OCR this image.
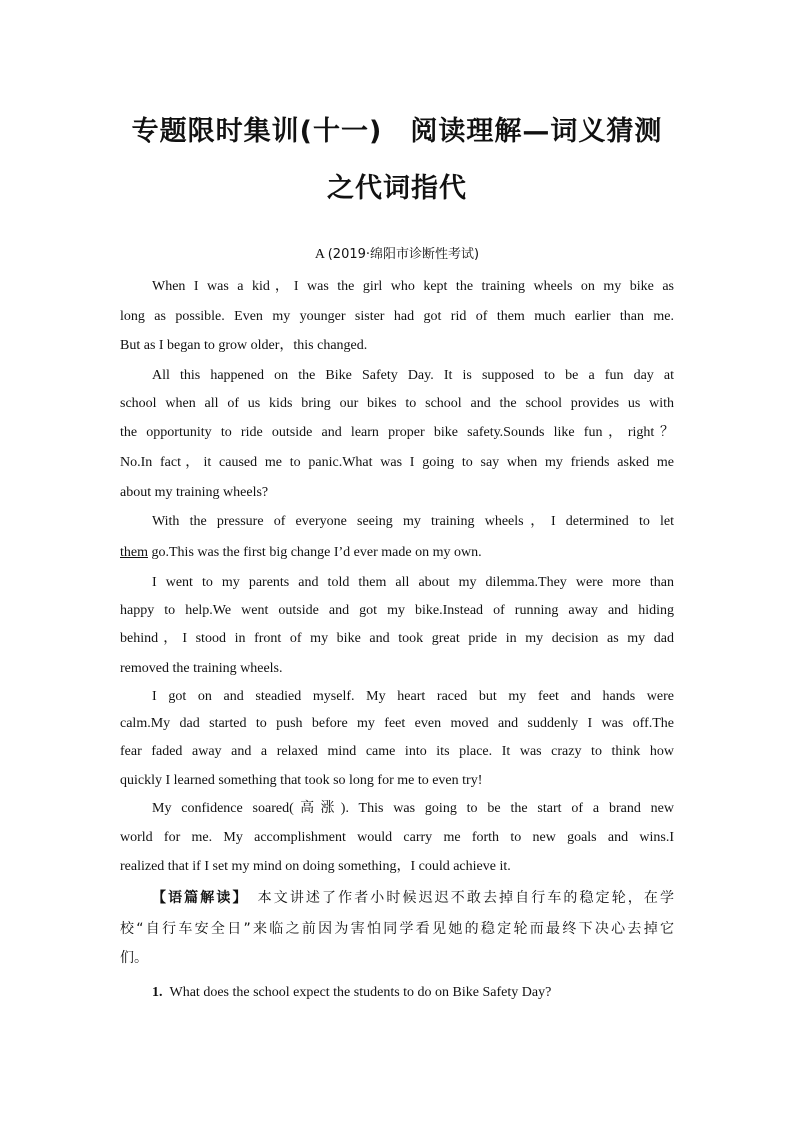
专题限时集训(十一)　阅读理解—词义猜测
之代词指代
A (2019·绵阳市诊断性考试)
When I was a kid，I was the girl who kept the training wheels on my bike as
long as possible. Even my younger sister had got rid of them much earlier than me.
But as I began to grow older，this changed.
All this happened on the Bike Safety Day. It is supposed to be a fun day at
school when all of us kids bring our bikes to school and the school provides us with
the opportunity to ride outside and learn proper bike safety.Sounds like fun，right？
No.In fact，it caused me to panic.What was I going to say when my friends asked me
about my training wheels?
With the pressure of everyone seeing my training wheels，I determined to let
them go.This was the first big change I’d ever made on my own.
I went to my parents and told them all about my dilemma.They were more than
happy to help.We went outside and got my bike.Instead of running away and hiding
behind，I stood in front of my bike and took great pride in my decision as my dad
removed the training wheels.
I got on and steadied myself. My heart raced but my feet and hands were
calm.My dad started to push before my feet even moved and suddenly I was off.The
fear faded away and a relaxed mind came into its place. It was crazy to think how
quickly I learned something that took so long for me to even try!
My confidence soared(高涨). This was going to be the start of a brand new
world for me. My accomplishment would carry me forth to new goals and wins.I
realized that if I set my mind on doing something，I could achieve it.
【语篇解读】　 本文讲述了作者小时候迟迟不敢去掉自行车的稳定轮，在学
校“自行车安全日”来临之前因为害怕同学看见她的稳定轮而最终下决心去掉它
们。
1. What does the school expect the students to do on Bike Safety Day?
